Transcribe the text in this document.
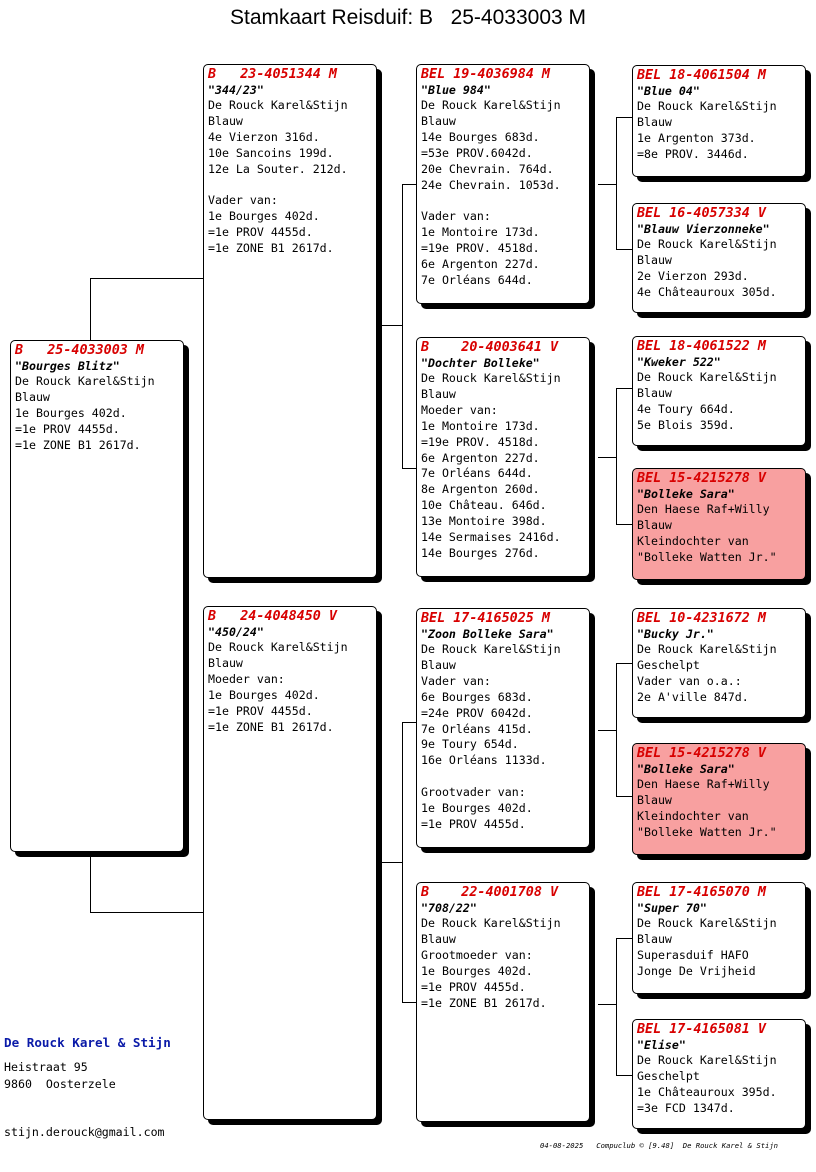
Stamkaart Reisduif: B   25-4033003 M
B   25-4033003 M
"Bourges Blitz"
De Rouck Karel&Stijn
Blauw
1e Bourges 402d.
=1e PROV 4455d.
=1e ZONE B1 2617d.
B   23-4051344 M
"344/23"
De Rouck Karel&Stijn
Blauw
4e Vierzon 316d.
10e Sancoins 199d.
12e La Souter. 212d.
Vader van:
1e Bourges 402d.
=1e PROV 4455d.
=1e ZONE B1 2617d.
B   24-4048450 V
"450/24"
De Rouck Karel&Stijn
Blauw
Moeder van:
1e Bourges 402d.
=1e PROV 4455d.
=1e ZONE B1 2617d.
BEL 19-4036984 M
"Blue 984"
De Rouck Karel&Stijn
Blauw
14e Bourges 683d.
=53e PROV.6042d.
20e Chevrain. 764d.
24e Chevrain. 1053d.
Vader van:
1e Montoire 173d.
=19e PROV. 4518d.
6e Argenton 227d.
7e Orléans 644d.
B    20-4003641 V
"Dochter Bolleke"
De Rouck Karel&Stijn
Blauw
Moeder van:
1e Montoire 173d.
=19e PROV. 4518d.
6e Argenton 227d.
7e Orléans 644d.
8e Argenton 260d.
10e Château. 646d.
13e Montoire 398d.
14e Sermaises 2416d.
14e Bourges 276d.
BEL 17-4165025 M
"Zoon Bolleke Sara"
De Rouck Karel&Stijn
Blauw
Vader van:
6e Bourges 683d.
=24e PROV 6042d.
7e Orléans 415d.
9e Toury 654d.
16e Orléans 1133d.
Grootvader van:
1e Bourges 402d.
=1e PROV 4455d.
B    22-4001708 V
"708/22"
De Rouck Karel&Stijn
Blauw
Grootmoeder van:
1e Bourges 402d.
=1e PROV 4455d.
=1e ZONE B1 2617d.
BEL 18-4061504 M
"Blue 04"
De Rouck Karel&Stijn
Blauw
1e Argenton 373d.
=8e PROV. 3446d.
BEL 16-4057334 V
"Blauw Vierzonneke"
De Rouck Karel&Stijn
Blauw
2e Vierzon 293d.
4e Châteauroux 305d.
BEL 18-4061522 M
"Kweker 522"
De Rouck Karel&Stijn
Blauw
4e Toury 664d.
5e Blois 359d.
BEL 15-4215278 V
"Bolleke Sara"
Den Haese Raf+Willy
Blauw
Kleindochter van
"Bolleke Watten Jr."
BEL 10-4231672 M
"Bucky Jr."
De Rouck Karel&Stijn
Geschelpt
Vader van o.a.:
2e A'ville 847d.
BEL 15-4215278 V
"Bolleke Sara"
Den Haese Raf+Willy
Blauw
Kleindochter van
"Bolleke Watten Jr."
BEL 17-4165070 M
"Super 70"
De Rouck Karel&Stijn
Blauw
Superasduif HAFO
Jonge De Vrijheid
BEL 17-4165081 V
"Elise"
De Rouck Karel&Stijn
Geschelpt
1e Châteauroux 395d.
=3e FCD 1347d.
De Rouck Karel & Stijn
Heistraat 95
9860  Oosterzele
stijn.derouck@gmail.com
04-08-2025   Compuclub © [9.48]  De Rouck Karel & Stijn
